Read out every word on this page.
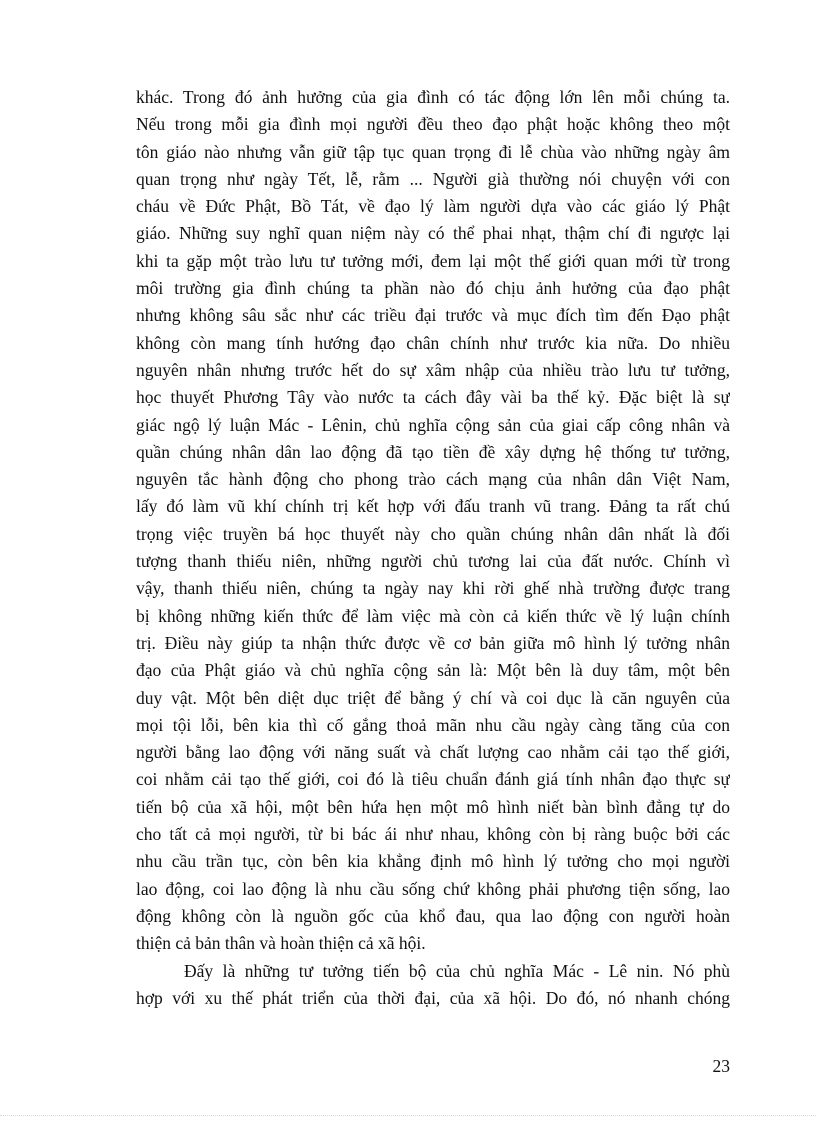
khác. Trong đó ảnh hưởng của gia đình có tác động lớn lên mỗi chúng ta.
Nếu trong mỗi gia đình mọi người đều theo đạo phật hoặc không theo một
tôn giáo nào nhưng vẫn giữ tập tục quan trọng đi lễ chùa vào những ngày âm
quan trọng như ngày Tết, lễ, rằm ... Người già thường nói chuyện với con
cháu về Đức Phật, Bồ Tát, về đạo lý làm người dựa vào các giáo lý Phật
giáo. Những suy nghĩ quan niệm này có thể phai nhạt, thậm chí đi ngược lại
khi ta gặp một trào lưu tư tưởng mới, đem lại một thế giới quan mới từ trong
môi trường gia đình chúng ta phần nào đó chịu ảnh hưởng của đạo phật
nhưng không sâu sắc như các triều đại trước và mục đích tìm đến Đạo phật
không còn mang tính hướng đạo chân chính như trước kia nữa. Do nhiều
nguyên nhân nhưng trước hết do sự xâm nhập của nhiều trào lưu tư tưởng,
học thuyết Phương Tây vào nước ta cách đây vài ba thế kỷ. Đặc biệt là sự
giác ngộ lý luận Mác - Lênin, chủ nghĩa cộng sản của giai cấp công nhân và
quần chúng nhân dân lao động đã tạo tiền đề xây dựng hệ thống tư tưởng,
nguyên tắc hành động cho phong trào cách mạng của nhân dân Việt Nam,
lấy đó làm vũ khí chính trị kết hợp với đấu tranh vũ trang. Đảng ta rất chú
trọng việc truyền bá học thuyết này cho quần chúng nhân dân nhất là đối
tượng thanh thiếu niên, những người chủ tương lai của đất nước. Chính vì
vậy, thanh thiếu niên, chúng ta ngày nay khi rời ghế nhà trường được trang
bị không những kiến thức để làm việc mà còn cả kiến thức về lý luận chính
trị. Điều này giúp ta nhận thức được về cơ bản giữa mô hình lý tưởng nhân
đạo của Phật giáo và chủ nghĩa cộng sản là: Một bên là duy tâm, một bên
duy vật. Một bên diệt dục triệt để bằng ý chí và coi dục là căn nguyên của
mọi tội lỗi, bên kia thì cố gắng thoả mãn nhu cầu ngày càng tăng của con
người bằng lao động với năng suất và chất lượng cao nhằm cải tạo thế giới,
coi nhằm cải tạo thế giới, coi đó là tiêu chuẩn đánh giá tính nhân đạo thực sự
tiến bộ của xã hội, một bên hứa hẹn một mô hình niết bàn bình đẳng tự do
cho tất cả mọi người, từ bi bác ái như nhau, không còn bị ràng buộc bởi các
nhu cầu trần tục, còn bên kia khẳng định mô hình lý tưởng cho mọi người
lao động, coi lao động là nhu cầu sống chứ không phải phương tiện sống, lao
động không còn là nguồn gốc của khổ đau, qua lao động con người hoàn
thiện cả bản thân và hoàn thiện cả xã hội.
Đấy là những tư tưởng tiến bộ của chủ nghĩa Mác - Lê nin. Nó phù
hợp với xu thế phát triển của thời đại, của xã hội. Do đó, nó nhanh chóng
23
